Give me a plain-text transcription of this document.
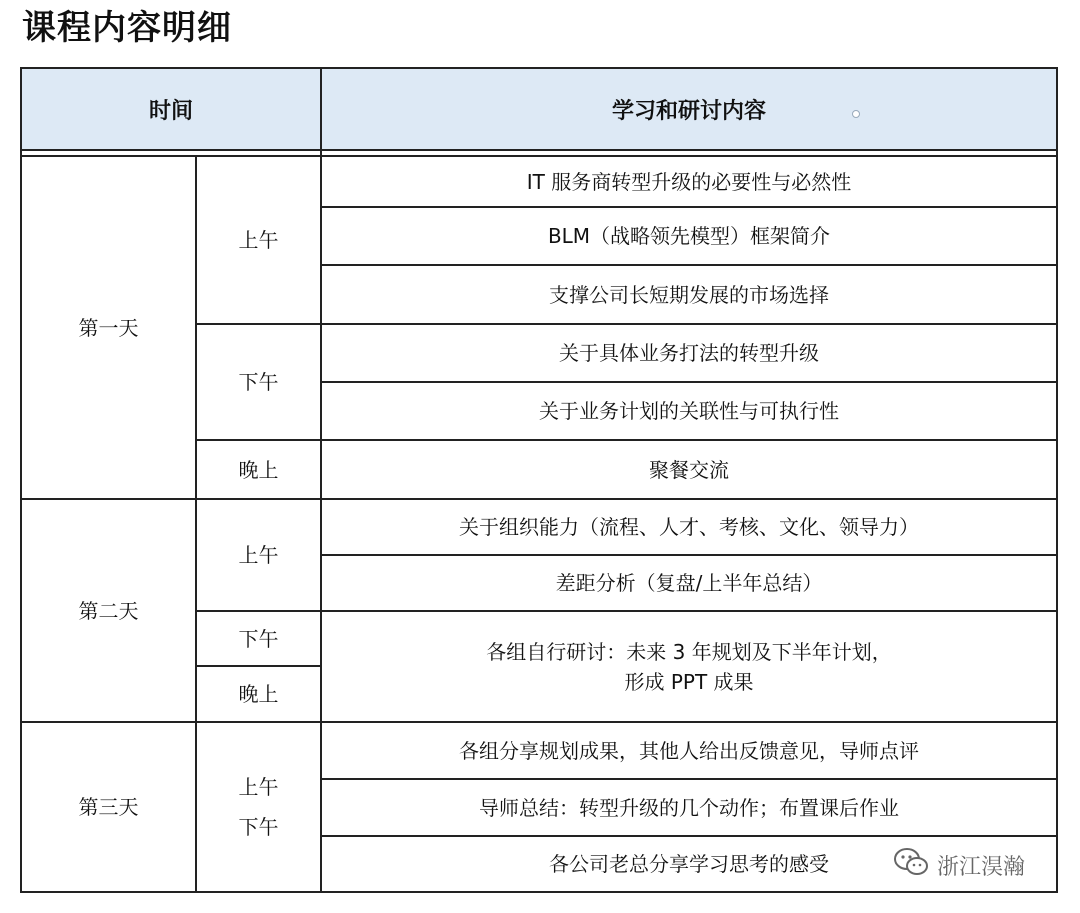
课程内容明细
时间	学习和研讨内容
第一天
上午
下午
晚上
IT 服务商转型升级的必要性与必然性
BLM（战略领先模型）框架简介
支撑公司长短期发展的市场选择
关于具体业务打法的转型升级
关于业务计划的关联性与可执行性
聚餐交流
第二天
上午
下午
晚上
关于组织能力（流程、人才、考核、文化、领导力）
差距分析（复盘/上半年总结）
各组自行研讨：未来 3 年规划及下半年计划，
形成 PPT 成果
第三天
上午
下午
各组分享规划成果，其他人给出反馈意见，导师点评
导师总结：转型升级的几个动作；布置课后作业
各公司老总分享学习思考的感受	浙江淏瀚
